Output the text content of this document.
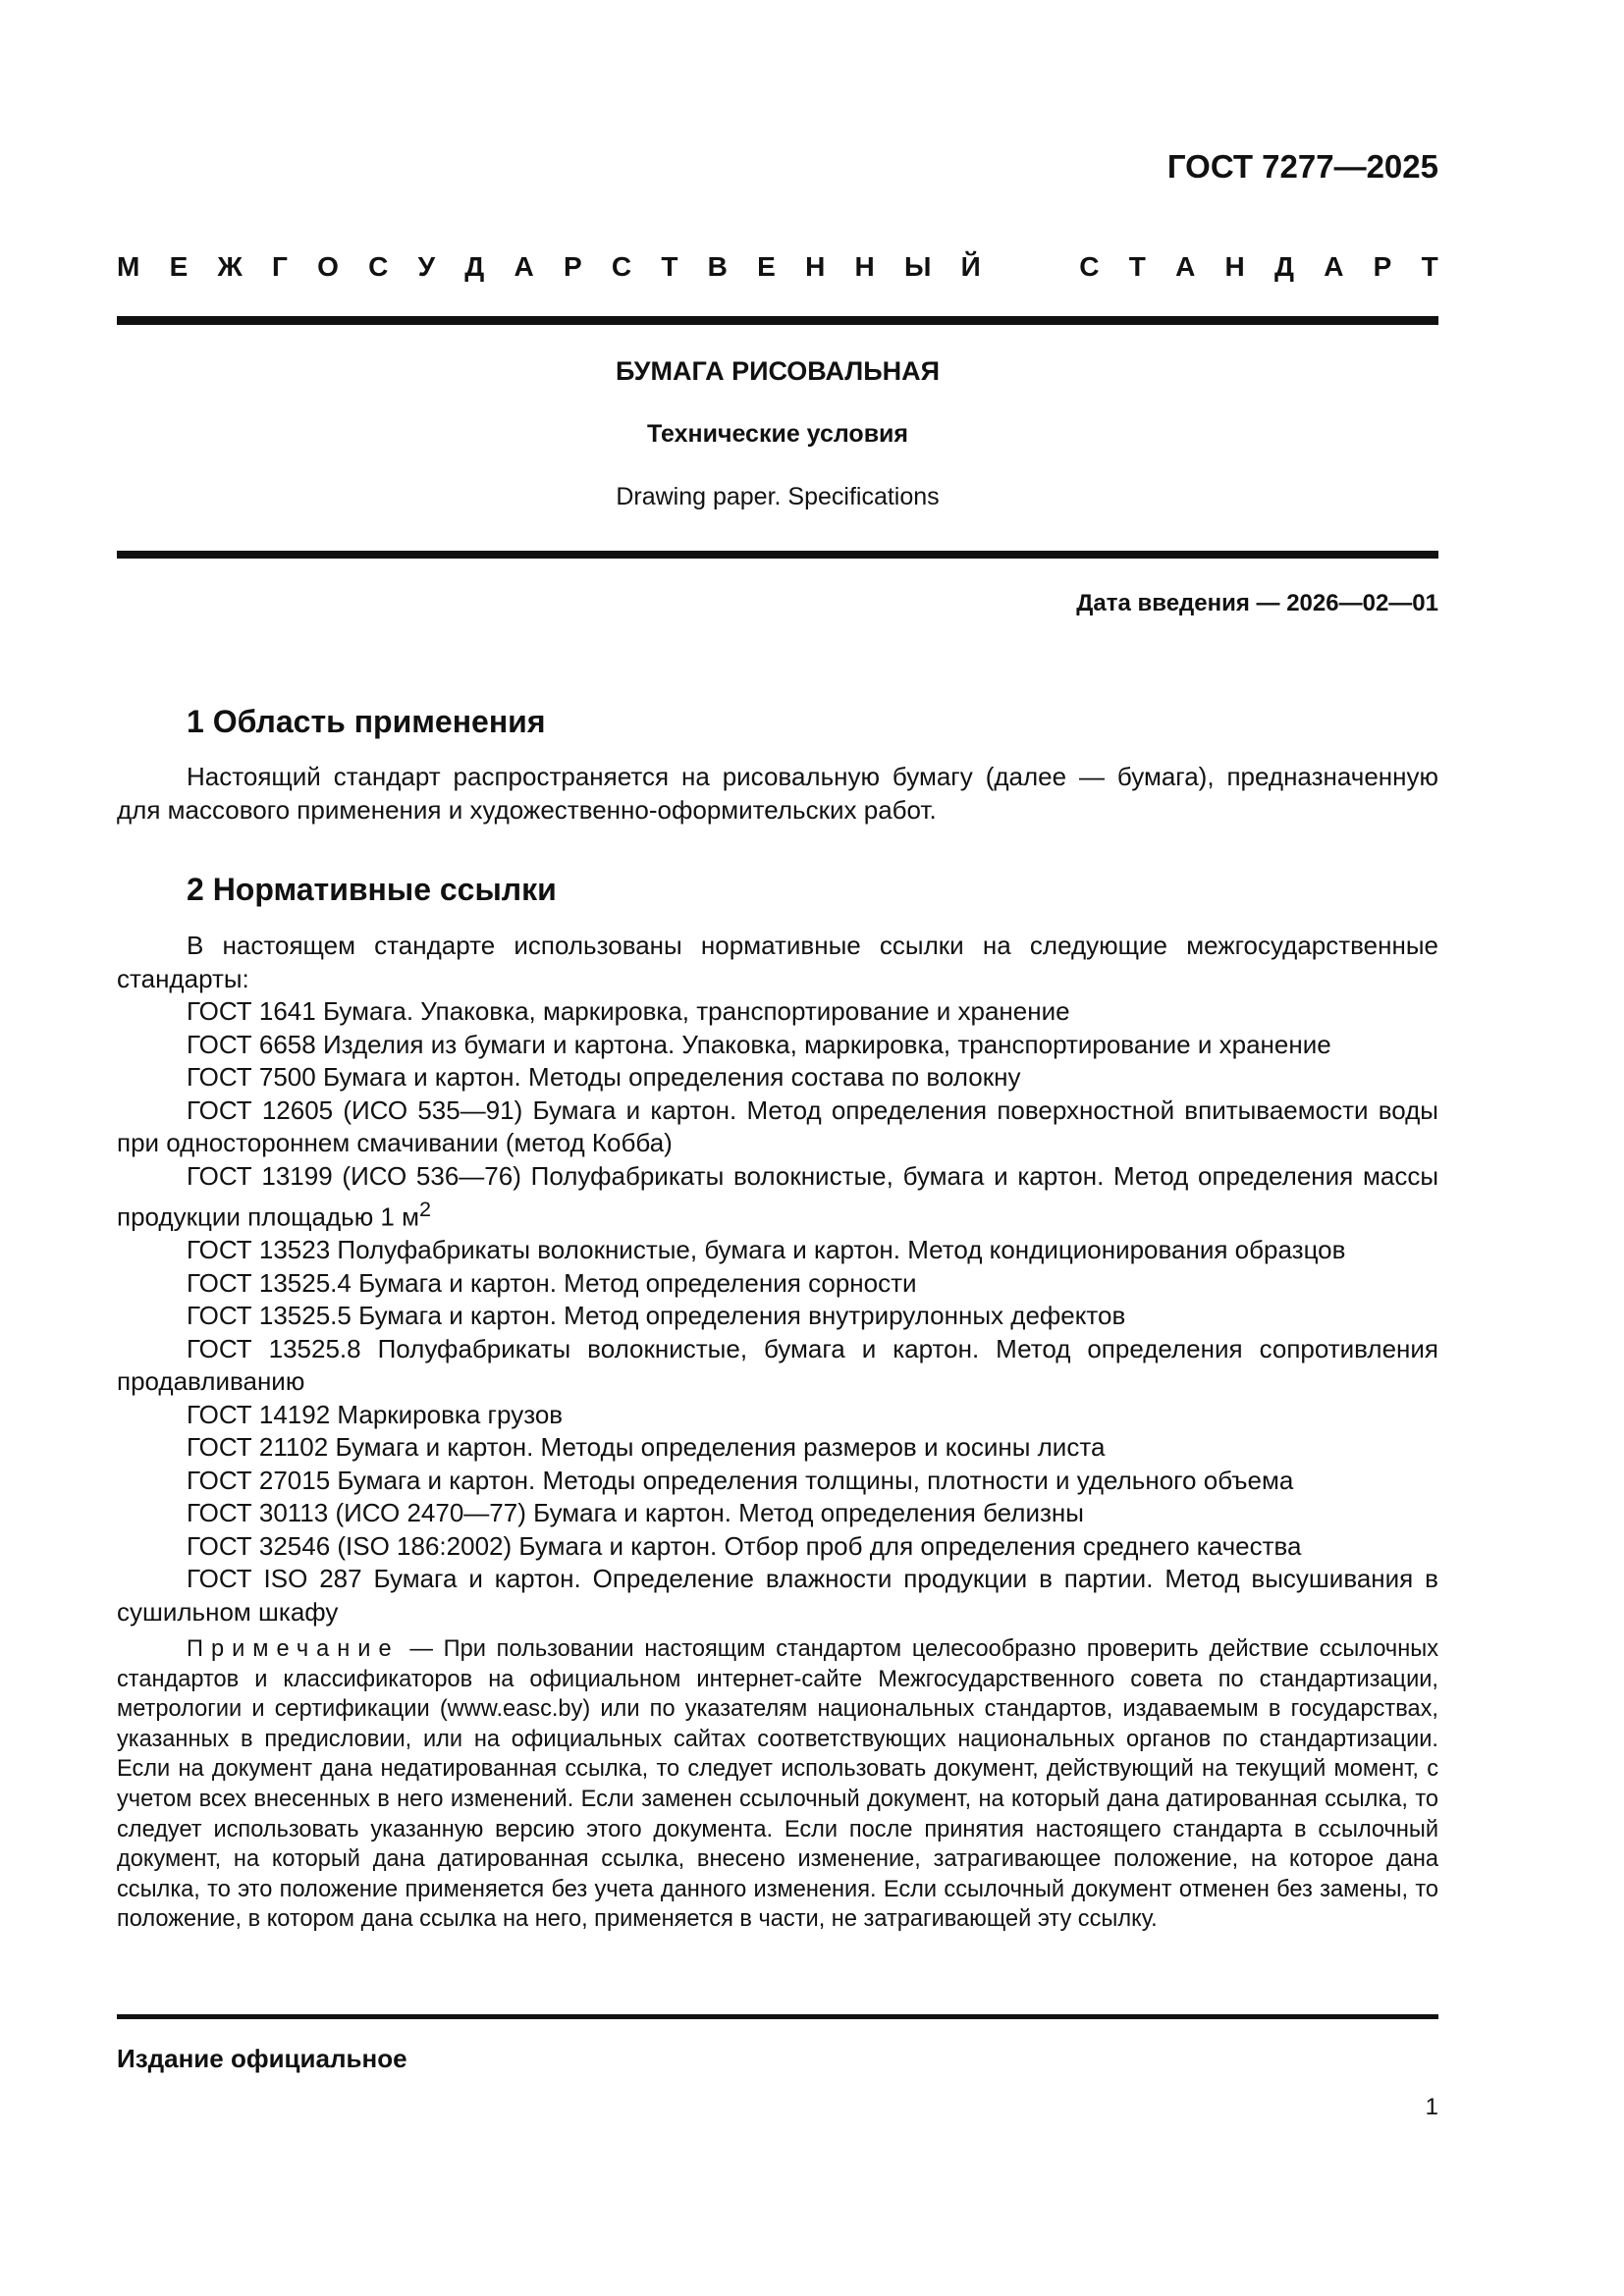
ГОСТ 7277—2025
М Е Ж Г О С У Д А Р С Т В Е Н Н Ы Й	С Т А Н Д А Р Т
БУМАГА РИСОВАЛЬНАЯ
Технические условия
Drawing paper. Specifications
Дата введения — 2026—02—01
1 Область применения

Настоящий стандарт распространяется на рисовальную бумагу (далее — бумага), предназначенную для массового применения и художественно-оформительских работ.

2 Нормативные ссылки

В настоящем стандарте использованы нормативные ссылки на следующие межгосударственные стандарты:

ГОСТ 1641 Бумага. Упаковка, маркировка, транспортирование и хранение

ГОСТ 6658 Изделия из бумаги и картона. Упаковка, маркировка, транспортирование и хранение

ГОСТ 7500 Бумага и картон. Методы определения состава по волокну

ГОСТ 12605 (ИСО 535—91) Бумага и картон. Метод определения поверхностной впитываемости воды при одностороннем смачивании (метод Кобба)

ГОСТ 13199 (ИСО 536—76) Полуфабрикаты волокнистые, бумага и картон. Метод определения массы продукции площадью 1 $м^2$

ГОСТ 13523 Полуфабрикаты волокнистые, бумага и картон. Метод кондиционирования образцов

ГОСТ 13525.4 Бумага и картон. Метод определения сорности

ГОСТ 13525.5 Бумага и картон. Метод определения внутрирулонных дефектов

ГОСТ 13525.8 Полуфабрикаты волокнистые, бумага и картон. Метод определения сопротивления продавливанию

ГОСТ 14192 Маркировка грузов

ГОСТ 21102 Бумага и картон. Методы определения размеров и косины листа

ГОСТ 27015 Бумага и картон. Методы определения толщины, плотности и удельного объема

ГОСТ 30113 (ИСО 2470—77) Бумага и картон. Метод определения белизны

ГОСТ 32546 (ISO 186:2002) Бумага и картон. Отбор проб для определения среднего качества

ГОСТ ISO 287 Бумага и картон. Определение влажности продукции в партии. Метод высушивания в сушильном шкафу

Примечание — При пользовании настоящим стандартом целесообразно проверить действие ссылочных стандартов и классификаторов на официальном интернет-сайте Межгосударственного совета по стандартизации, метрологии и сертификации (www.easc.by) или по указателям национальных стандартов, издаваемым в государствах, указанных в предисловии, или на официальных сайтах соответствующих национальных органов по стандартизации. Если на документ дана недатированная ссылка, то следует использовать документ, действующий на текущий момент, с учетом всех внесенных в него изменений. Если заменен ссылочный документ, на который дана датированная ссылка, то следует использовать указанную версию этого документа. Если после принятия настоящего стандарта в ссылочный документ, на который дана датированная ссылка, внесено изменение, затрагивающее положение, на которое дана ссылка, то это положение применяется без учета данного изменения. Если ссылочный документ отменен без замены, то положение, в котором дана ссылка на него, применяется в части, не затрагивающей эту ссылку.

Издание официальное
1
